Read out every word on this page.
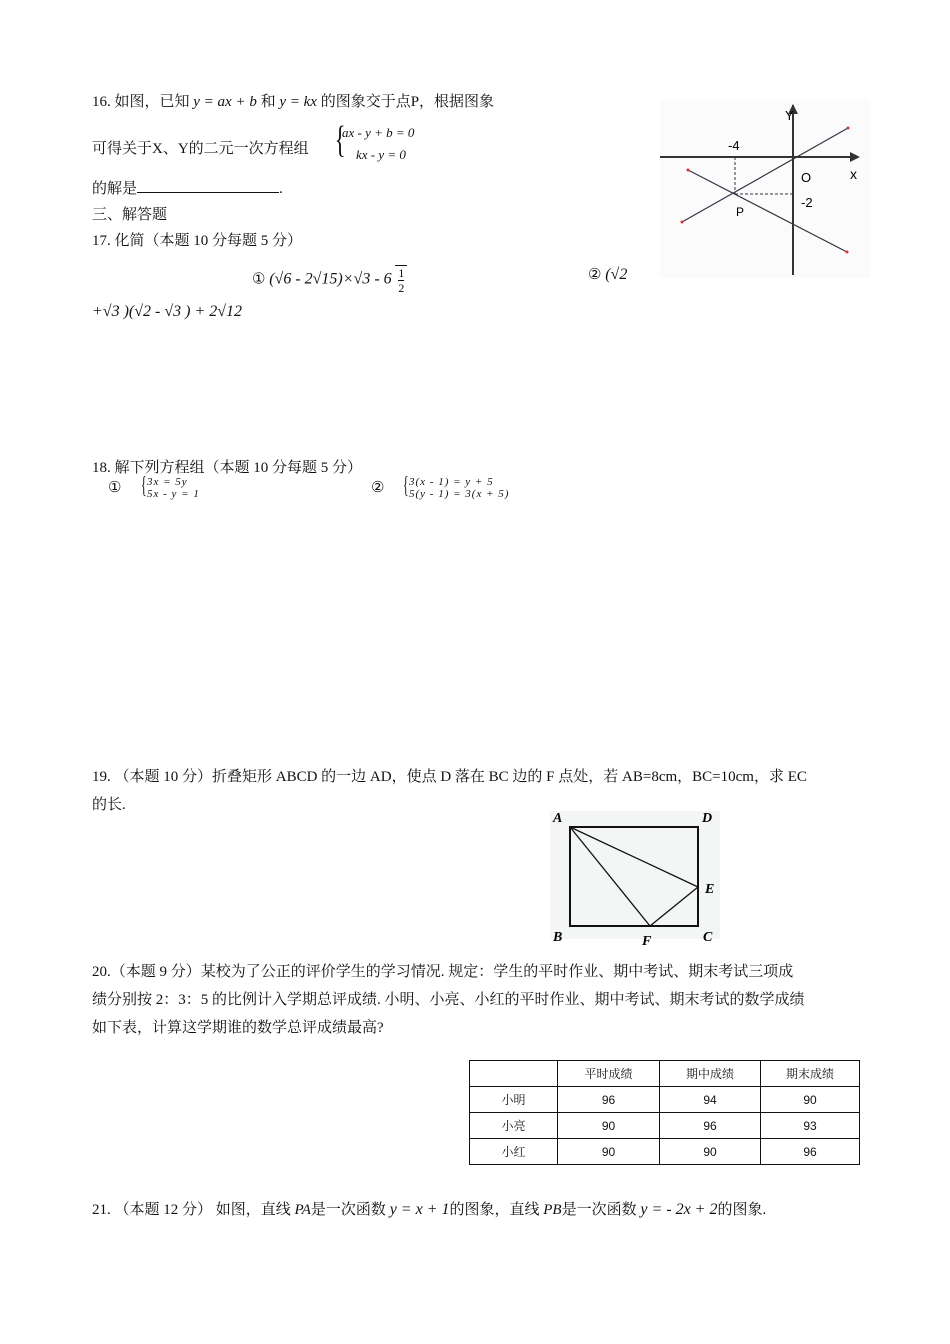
16. 如图，已知 y = ax + b 和 y = kx 的图象交于点P，根据图象
可得关于X、Y的二元一次方程组 {
ax - y + b = 0
kx - y = 0
的解是	.
Y
x
O
-4
-2
P
三、解答题
17. 化简（本题 10 分每题 5 分）
① $(√6 - 2√15)\times√3 - 6 \frac{1}{2}$	② (√2
+√3 )(√2 - √3 ) + 2√12
18. 解下列方程组（本题 10 分每题 5 分）
① { 3x = 5y
5x - y = 1	② { 3(x - 1) = y + 5
5(y - 1) = 3(x + 5)
19. （本题 10 分）折叠矩形 ABCD 的一边 AD，使点 D 落在 BC 边的 F 点处，若 AB=8cm，BC=10cm，求 EC
的长.
A	D
E
B	F	C
20.（本题 9 分）某校为了公正的评价学生的学习情况. 规定：学生的平时作业、期中考试、期末考试三项成
绩分别按 2：3：5 的比例计入学期总评成绩. 小明、小亮、小红的平时作业、期中考试、期末考试的数学成绩
如下表，计算这学期谁的数学总评成绩最高?
	平时成绩	期中成绩	期末成绩
小明	96	94	90
小亮	90	96	93
小红	90	90	96
21. （本题 12 分） 如图，直线 PA是一次函数 y = x + 1的图象，直线 PB是一次函数 y = - 2x + 2的图象.
